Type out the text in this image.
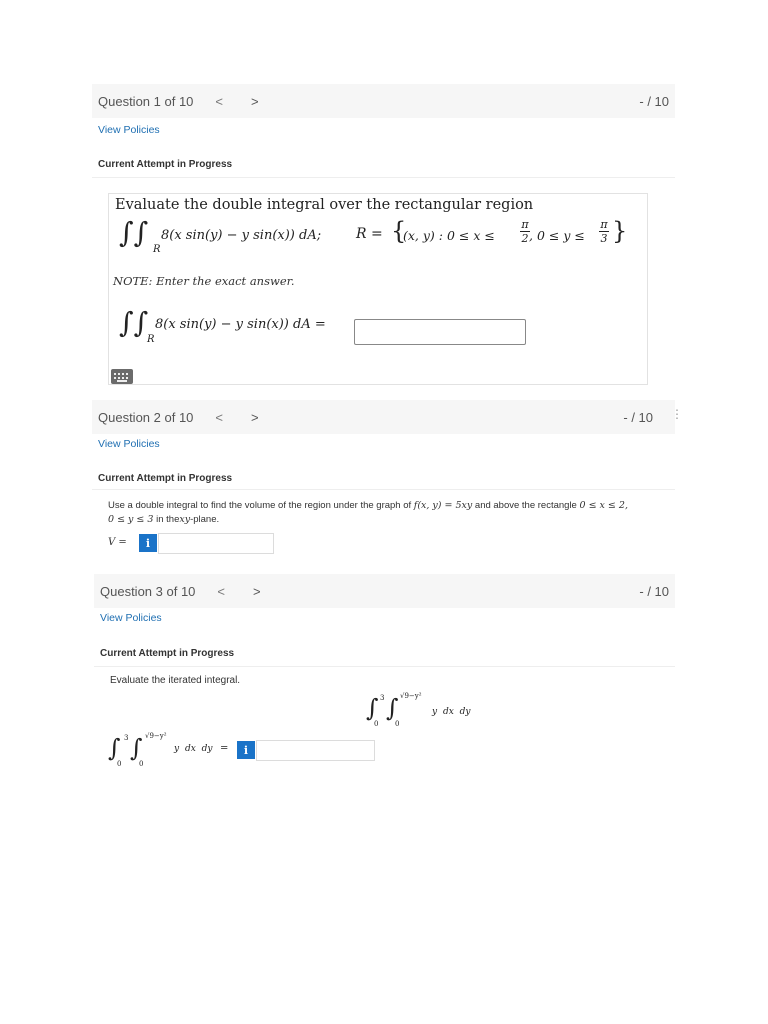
Question 1 of 10 < >	- / 10
View Policies
Current Attempt in Progress
Evaluate the double integral over the rectangular region
∫∫
R
8(x sin(y) − y sin(x)) dA; R = {
(x, y) : 0 ≤ x ≤
π
2 , 0 ≤ y ≤
π
3 }
NOTE: Enter the exact answer.
∫∫
R
8(x sin(y) − y sin(x)) dA =
Question 2 of 10 < >	- / 10 ⋮
View Policies
Current Attempt in Progress
Use a double integral to find the volume of the region under the graph of f(x, y) = 5xy and above the rectangle 0 ≤ x ≤ 2,
0 ≤ y ≤ 3 in thexy-plane.
V =	i
Question 3 of 10 < >	- / 10
View Policies
Current Attempt in Progress
Evaluate the iterated integral.
∫ 3
0
∫ √9−y²
0
y dx dy
∫ 3
0
∫ √9−y²
0
y dx dy =	i
